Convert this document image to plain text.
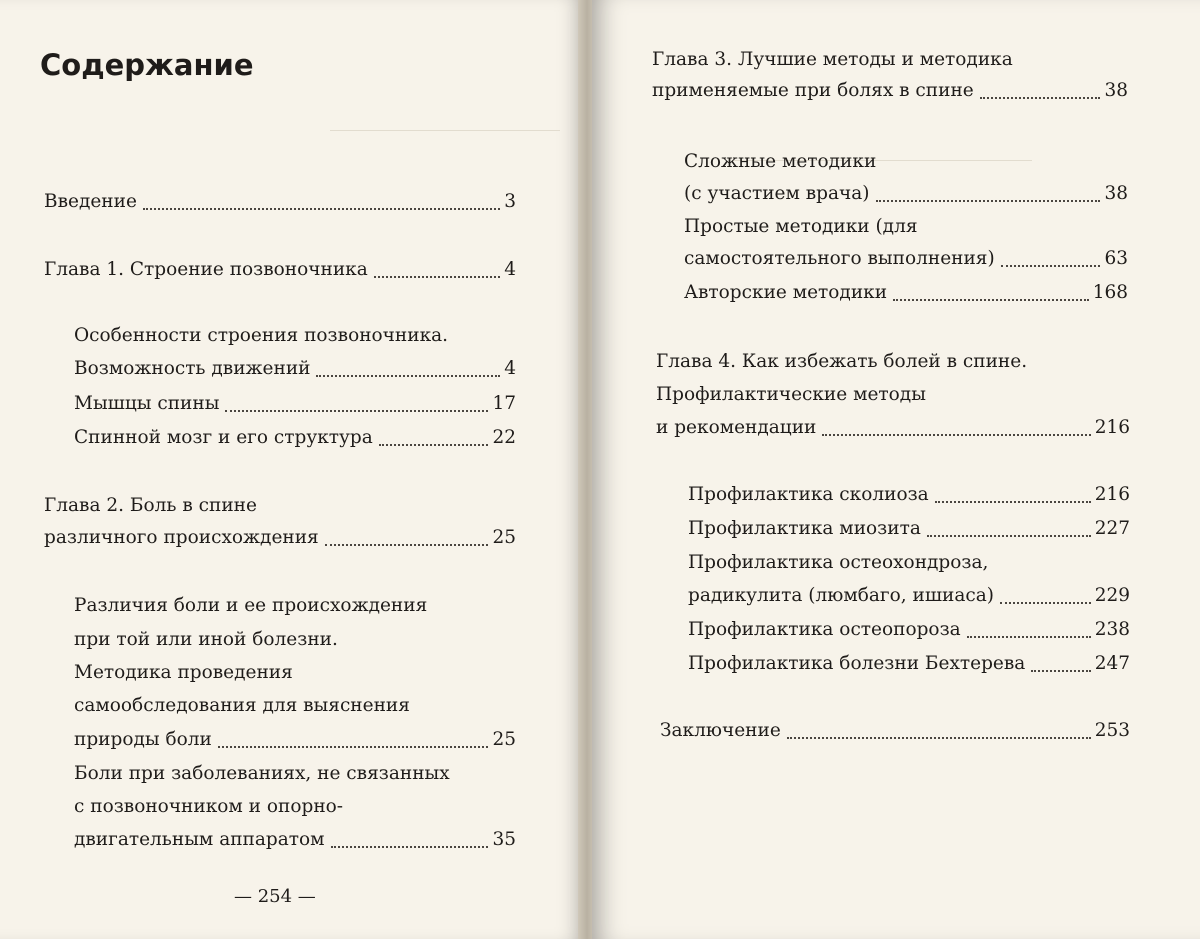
Содержание
Введение	3
Глава 1. Строение позвоночника	4
Особенности строения позвоночника.
Возможность движений	4
Мышцы спины	17
Спинной мозг и его структура	22
Глава 2. Боль в спине
различного происхождения	25
Различия боли и ее происхождения
при той или иной болезни.
Методика проведения
самообследования для выяснения
природы боли	25
Боли при заболеваниях, не связанных
с позвоночником и опорно-
двигательным аппаратом	35
— 254 —
Глава 3. Лучшие методы и методика
применяемые при болях в спине	38
Сложные методики
(с участием врача)	38
Простые методики (для
самостоятельного выполнения)	63
Авторские методики	168
Глава 4. Как избежать болей в спине.
Профилактические методы
и рекомендации	216
Профилактика сколиоза	216
Профилактика миозита	227
Профилактика остеохондроза,
радикулита (люмбаго, ишиаса)	229
Профилактика остеопороза	238
Профилактика болезни Бехтерева	247
Заключение	253
